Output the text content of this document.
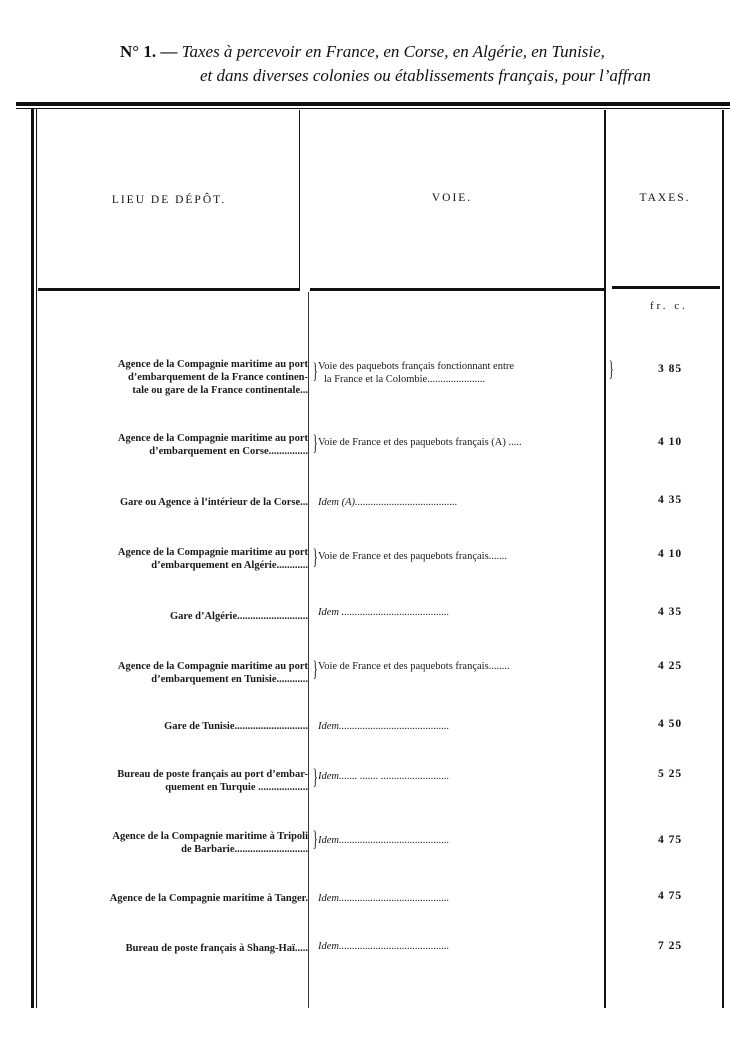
N° 1. — Taxes à percevoir en France, en Corse, en Algérie, en Tunisie,
et dans diverses colonies ou établissements français, pour l’affran
LIEU DE DÉPÔT.	VOIE.	TAXES.
fr. c.
Agence de la Compagnie maritime au port
d’embarquement de la France continen-
tale ou gare de la France continentale...
} Voie des paquebots français fonctionnant entre
la France et la Colombie......................	}	3 85
Agence de la Compagnie maritime au port
d’embarquement en Corse............... } Voie de France et des paquebots français (A) .....	4 10
Gare ou Agence à l’intérieur de la Corse... Idem (A).......................................	4 35
Agence de la Compagnie maritime au port
d’embarquement en Algérie............ } Voie de France et des paquebots français.......	4 10
Gare d’Algérie........................... Idem .........................................	4 35
Agence de la Compagnie maritime au port
d’embarquement en Tunisie............ } Voie de France et des paquebots français........	4 25
Gare de Tunisie............................ Idem..........................................	4 50
Bureau de poste français au port d’embar-
quement en Turquie ................... } Idem....... ....... ..........................	5 25
Agence de la Compagnie maritime à Tripoli
de Barbarie............................ } Idem..........................................	4 75
Agence de la Compagnie maritime à Tanger. Idem..........................................	4 75
Bureau de poste français à Shang-Haï..... Idem..........................................	7 25
